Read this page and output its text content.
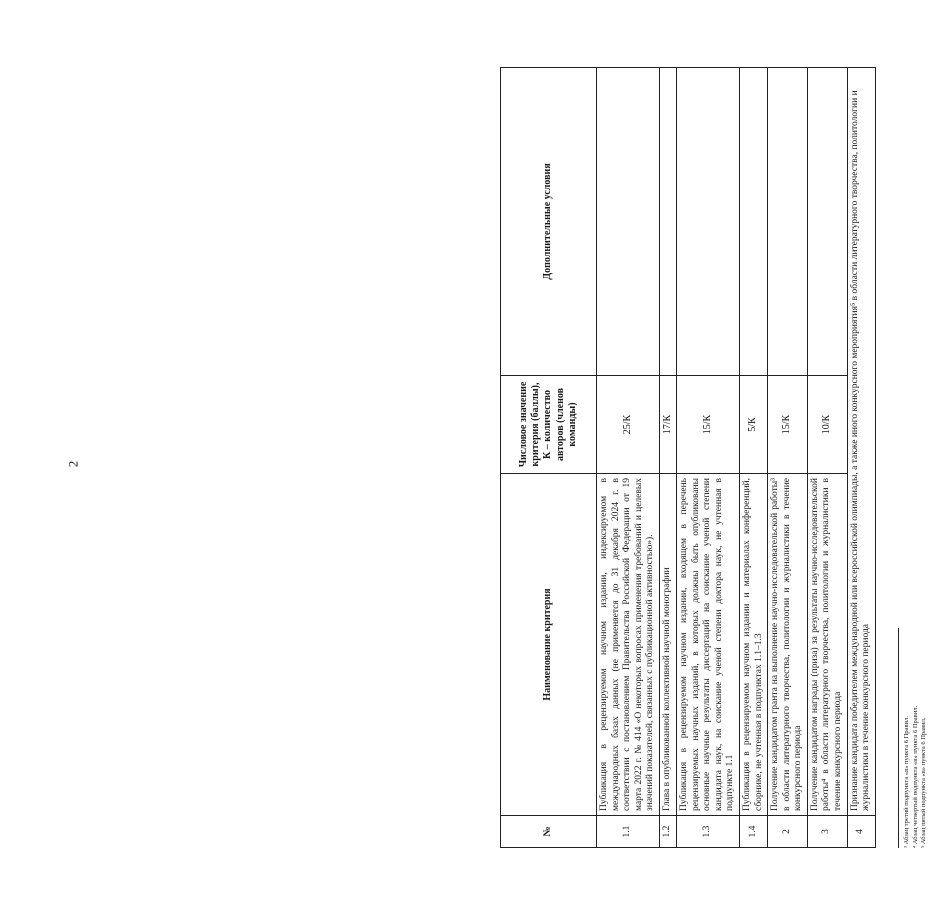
2
№	Наименование критерия	Числовое значение критерия (баллы), К – количество авторов (членов команды)	Дополнительные условия
1.1	Публикация в рецензируемом научном издании, индексируемом в международных базах данных (не применяется до 31 декабря 2024 г. в соответствии с постановлением Правительства Российской Федерации от 19 марта 2022 г. № 414 «О некоторых вопросах применения требований и целевых значений показателей, связанных с публикационной активностью»).	25/К	
1.2	Глава в опубликованной коллективной научной монографии	17/К	
1.3	Публикация в рецензируемом научном издании, входящем в перечень рецензируемых научных изданий, в которых должны быть опубликованы основные научные результаты диссертаций на соискание ученой степени кандидата наук, на соискание ученой степени доктора наук, не учтенная в подпункте 1.1	15/К	
1.4	Публикация в рецензируемом научном издании и материалах конференций, сборнике, не учтенная в подпунктах 1.1–1.3	5/К	
2	Получение кандидатом гранта на выполнение научно-исследовательской работы³ в области литературного творчества, политологии и журналистики в течение конкурсного периода	15/К	
3	Получение кандидатом награды (приза) за результаты научно-исследовательской работы⁴ в области литературного творчества, политологии и журналистики в течение конкурсного периода	10/К	
4	Признание кандидата победителем международной или всероссийской олимпиады, а также иного конкурсного мероприятия⁵ в области литературного творчества, политологии и журналистики в течение конкурсного периода			³ Абзац третий подпункта «в» пункта 6 Правил. ⁴ Абзац четвертый подпункта «в» пункта 6 Правил. ⁵ Абзац пятый подпункта «в» пункта 6 Правил.
